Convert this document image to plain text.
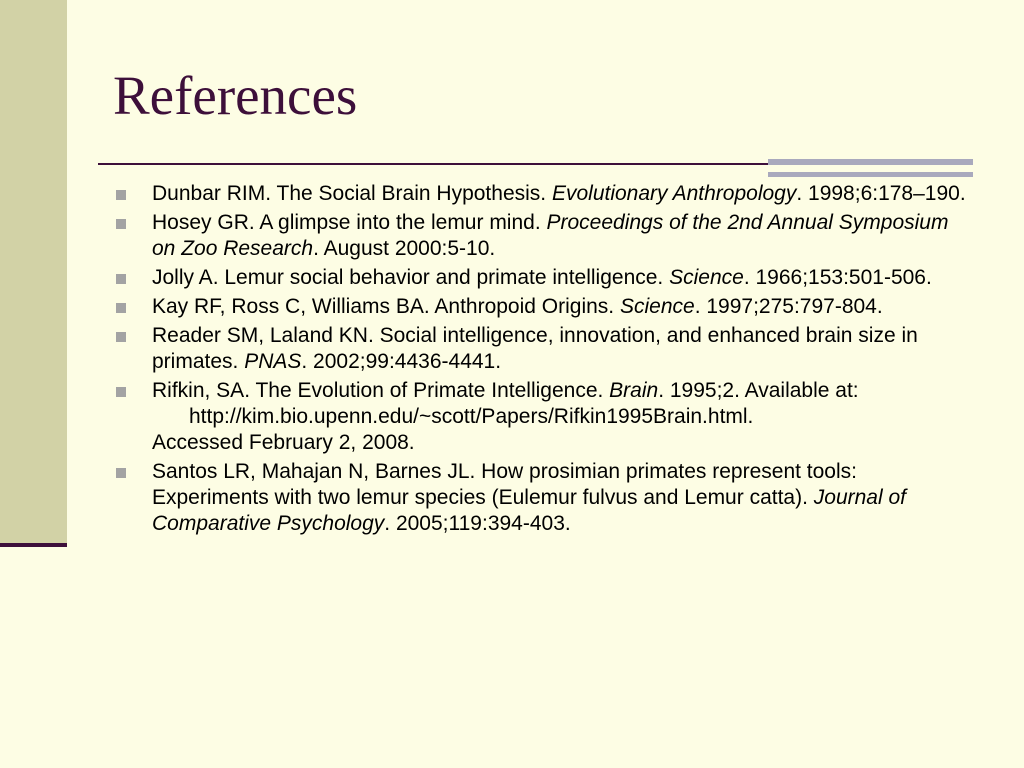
References
Dunbar RIM. The Social Brain Hypothesis. Evolutionary Anthropology. 1998;6:178–190.
Hosey GR. A glimpse into the lemur mind. Proceedings of the 2nd Annual Symposium on Zoo Research. August 2000:5-10.
Jolly A. Lemur social behavior and primate intelligence. Science. 1966;153:501-506.
Kay RF, Ross C, Williams BA. Anthropoid Origins. Science. 1997;275:797-804.
Reader SM, Laland KN. Social intelligence, innovation, and enhanced brain size in primates. PNAS. 2002;99:4436-4441.
Rifkin, SA. The Evolution of Primate Intelligence. Brain. 1995;2. Available at:
http://kim.bio.upenn.edu/~scott/Papers/Rifkin1995Brain.html.
Accessed February 2, 2008.
Santos LR, Mahajan N, Barnes JL. How prosimian primates represent tools: Experiments with two lemur species (Eulemur fulvus and Lemur catta). Journal of Comparative Psychology. 2005;119:394-403.
